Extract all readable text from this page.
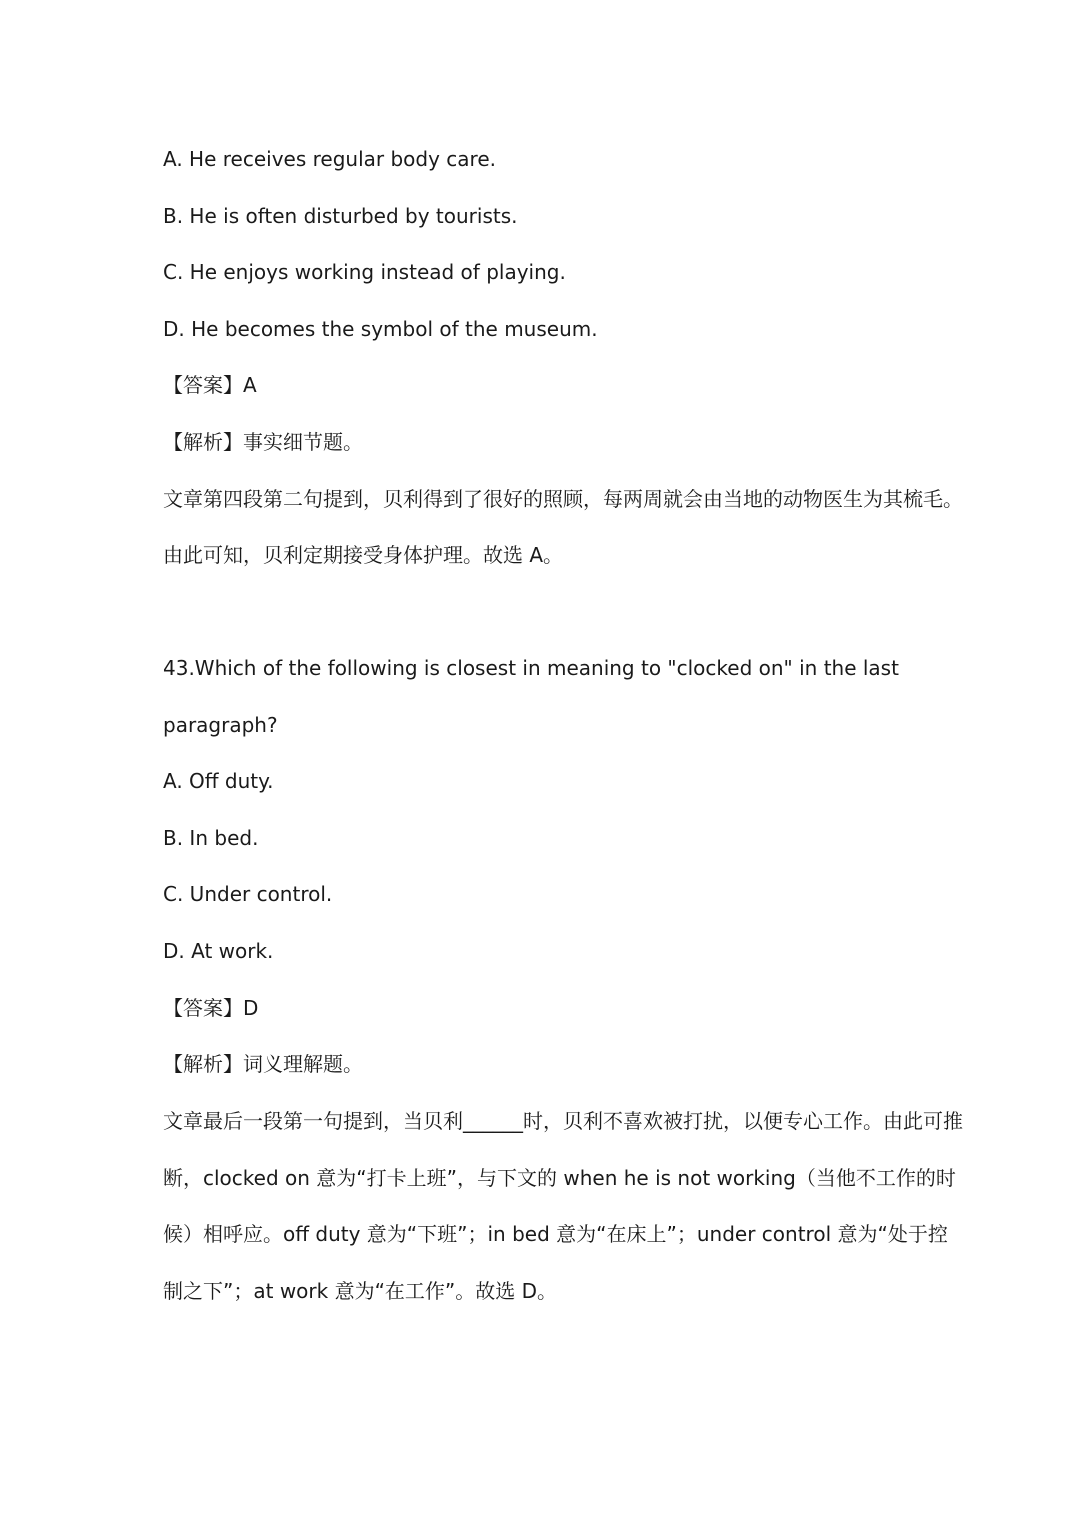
A. He receives regular body care.
B. He is often disturbed by tourists.
C. He enjoys working instead of playing.
D. He becomes the symbol of the museum.
【答案】A
【解析】事实细节题。
文章第四段第二句提到，贝利得到了很好的照顾，每两周就会由当地的动物医生为其梳毛。
由此可知，贝利定期接受身体护理。故选 A。
43.Which of the following is closest in meaning to "clocked on" in the last
paragraph?
A. Off duty.
B. In bed.
C. Under control.
D. At work.
【答案】D
【解析】词义理解题。
文章最后一段第一句提到，当贝利______时，贝利不喜欢被打扰，以便专心工作。由此可推
断，clocked on 意为“打卡上班”，与下文的 when he is not working（当他不工作的时
候）相呼应。off duty 意为“下班”；in bed 意为“在床上”；under control 意为“处于控
制之下”；at work 意为“在工作”。故选 D。
